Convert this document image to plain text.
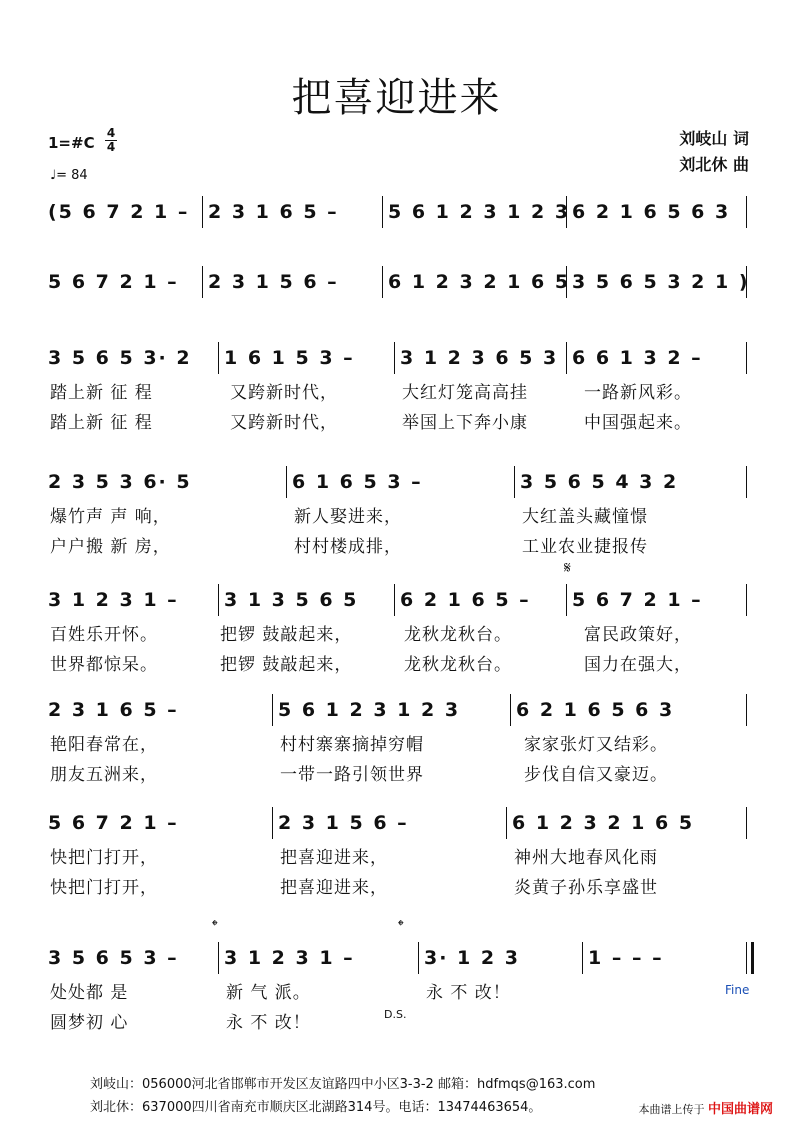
把喜迎进来
1=#C
4
4
♩= 84
刘岐山 词
刘北休 曲
(5 6 7 2 1 – 2 3 1 6 5 –	5 6 1 2 3 1 2 3 6 2 1 6 5 6 3
5 6 7 2 1 – 2 3 1 5 6 –	6 1 2 3 2 1 6 5 3 5 6 5 3 2 1 )
3 5 6 5 3· 2 1 6 1 5 3 – 3 1 2 3 6 5 3 6 6 1 3 2 –
踏上新 征 程	又跨新时代，	大红灯笼高高挂	一路新风彩。
踏上新 征 程	又跨新时代，	举国上下奔小康	中国强起来。
2 3 5 3 6· 5	6 1 6 5 3 –	3 5 6 5 4 3 2
爆竹声 声 响，	新人娶进来，	大红盖头藏憧憬
户户搬 新 房，	村村楼成排，	工业农业捷报传
3 1 2 3 1 – 3 1 3 5 6 5 6 2 1 6 5 – 5 6 7 2 1 –
𝄋
百姓乐开怀。	把锣 鼓敲起来，	龙秋龙秋台。	富民政策好，
世界都惊呆。	把锣 鼓敲起来，	龙秋龙秋台。	国力在强大，
2 3 1 6 5 –	5 6 1 2 3 1 2 3	6 2 1 6 5 6 3
艳阳春常在，	村村寨寨摘掉穷帽	家家张灯又结彩。
朋友五洲来，	一带一路引领世界	步伐自信又豪迈。
5 6 7 2 1 –	2 3 1 5 6 –	6 1 2 3 2 1 6 5
快把门打开，	把喜迎进来，	神州大地春风化雨
快把门打开，	把喜迎进来，	炎黄子孙乐享盛世
3 5 6 5 3 – 3 1 2 3 1 –	3· 1 2 3	1 – – –
𝄌	𝄌
处处都 是	新 气 派。	永 不 改！
圆梦初 心	永 不 改！
Fine
D.S.
刘岐山：056000河北省邯郸市开发区友谊路四中小区3-3-2 邮箱：hdfmqs@163.com
刘北休：637000四川省南充市顺庆区北湖路314号。电话：13474463654。	本曲谱上传于 中国曲谱网
